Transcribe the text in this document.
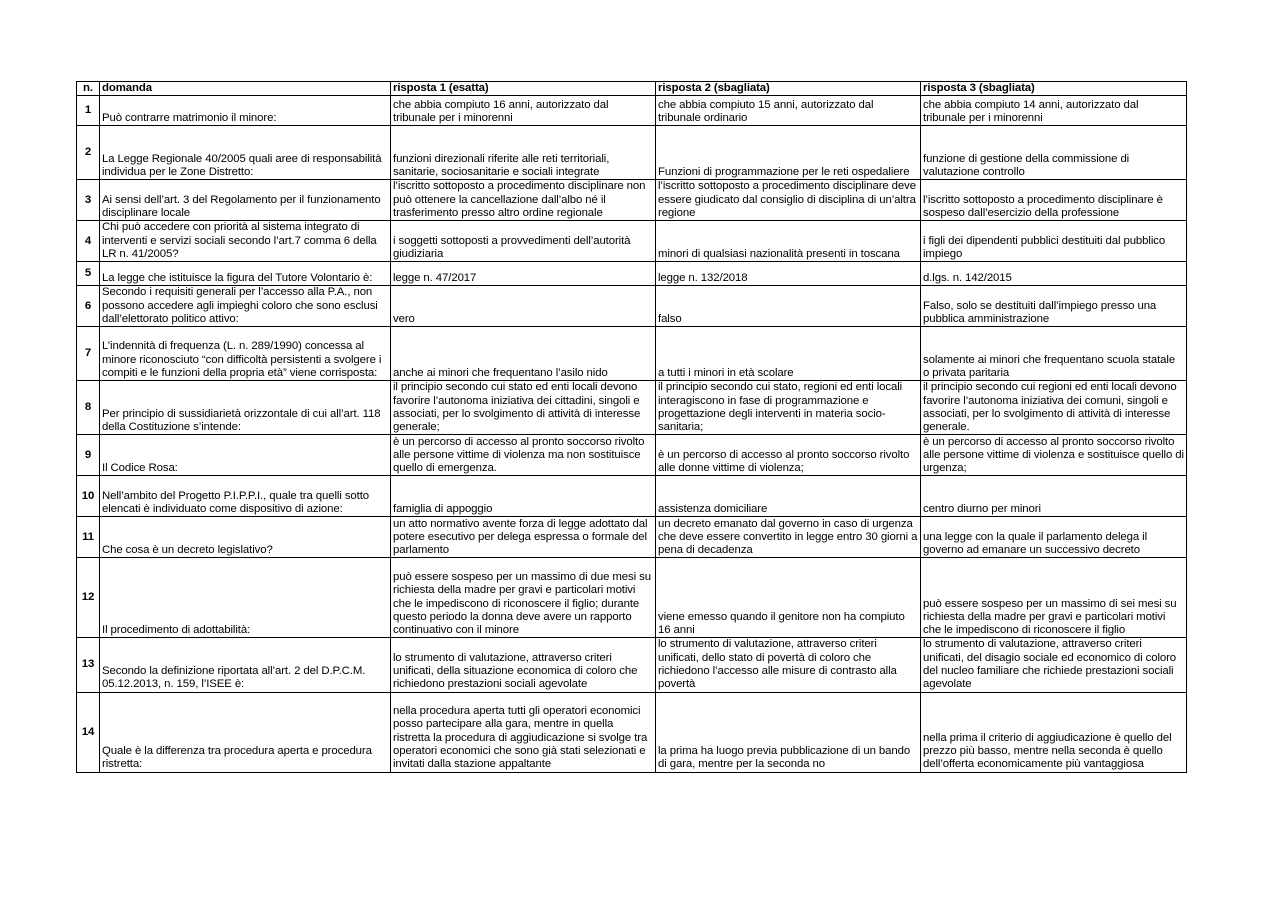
n.	domanda	risposta 1 (esatta)	risposta 2 (sbagliata)	risposta 3 (sbagliata)
1	Può contrarre matrimonio il minore:	che abbia compiuto 16 anni, autorizzato dal tribunale per i minorenni	che abbia compiuto 15 anni, autorizzato dal tribunale ordinario	che abbia compiuto 14 anni, autorizzato dal tribunale per i minorenni
2	La Legge Regionale 40/2005 quali aree di responsabilità individua per le Zone Distretto:	funzioni direzionali riferite alle reti territoriali, sanitarie, sociosanitarie e sociali integrate	Funzioni di programmazione per le reti ospedaliere	funzione di gestione della commissione di valutazione controllo
3	Ai sensi dell’art. 3 del Regolamento per il funzionamento disciplinare locale	l’iscritto sottoposto a procedimento disciplinare non può ottenere la cancellazione dall’albo né il trasferimento presso altro ordine regionale	l’iscritto sottoposto a procedimento disciplinare deve essere giudicato dal consiglio di disciplina di un’altra regione	l’iscritto sottoposto a procedimento disciplinare è sospeso dall’esercizio della professione
4	Chi può accedere con priorità al sistema integrato di interventi e servizi sociali secondo l’art.7 comma 6 della LR n. 41/2005?	i soggetti sottoposti a provvedimenti dell’autorità giudiziaria	minori di qualsiasi nazionalità presenti in toscana	i figli dei dipendenti pubblici destituiti dal pubblico impiego
5	La legge che istituisce la figura del Tutore Volontario è:	legge n. 47/2017	legge n. 132/2018	d.lgs. n. 142/2015
6	Secondo i requisiti generali per l’accesso alla P.A., non possono accedere agli impieghi coloro che sono esclusi dall’elettorato politico attivo:	vero	falso	Falso, solo se destituiti dall’impiego presso una pubblica amministrazione
7	L’indennità di frequenza (L. n. 289/1990) concessa al minore riconosciuto “con difficoltà persistenti a svolgere i compiti e le funzioni della propria età” viene corrisposta:	anche ai minori che frequentano l’asilo nido	a tutti i minori in età scolare	solamente ai minori che frequentano scuola statale o privata paritaria
8	Per principio di sussidiarietà orizzontale di cui all’art. 118 della Costituzione s’intende:	il principio secondo cui stato ed enti locali devono favorire l’autonoma iniziativa dei cittadini, singoli e associati, per lo svolgimento di attività di interesse generale;	il principio secondo cui stato, regioni ed enti locali interagiscono in fase di programmazione e progettazione degli interventi in materia socio-sanitaria;	il principio secondo cui regioni ed enti locali devono favorire l’autonoma iniziativa dei comuni, singoli e associati, per lo svolgimento di attività di interesse generale.
9	Il Codice Rosa:	è un percorso di accesso al pronto soccorso rivolto alle persone vittime di violenza ma non sostituisce quello di emergenza.	è un percorso di accesso al pronto soccorso rivolto alle donne vittime di violenza;	è un percorso di accesso al pronto soccorso rivolto alle persone vittime di violenza e sostituisce quello di urgenza;
10	Nell’ambito del Progetto P.I.P.P.I., quale tra quelli sotto elencati è individuato come dispositivo di azione:	famiglia di appoggio	assistenza domiciliare	centro diurno per minori
11	Che cosa è un decreto legislativo?	un atto normativo avente forza di legge adottato dal potere esecutivo per delega espressa o formale del parlamento	un decreto emanato dal governo in caso di urgenza che deve essere convertito in legge entro 30 giorni a pena di decadenza	una legge con la quale il parlamento delega il governo ad emanare un successivo decreto
12	Il procedimento di adottabilità:	può essere sospeso per un massimo di due mesi su richiesta della madre per gravi e particolari motivi che le impediscono di riconoscere il figlio; durante questo periodo la donna deve avere un rapporto continuativo con il minore	viene emesso quando il genitore non ha compiuto 16 anni	può essere sospeso per un massimo di sei mesi su richiesta della madre per gravi e particolari motivi che le impediscono di riconoscere il figlio
13	Secondo la definizione riportata all’art. 2 del D.P.C.M. 05.12.2013, n. 159, l’ISEE è:	lo strumento di valutazione, attraverso criteri unificati, della situazione economica di coloro che richiedono prestazioni sociali agevolate	lo strumento di valutazione, attraverso criteri unificati, dello stato di povertà di coloro che richiedono l’accesso alle misure di contrasto alla povertà	lo strumento di valutazione, attraverso criteri unificati, del disagio sociale ed economico di coloro del nucleo familiare che richiede prestazioni sociali agevolate
14	Quale è la differenza tra procedura aperta e procedura ristretta:	nella procedura aperta tutti gli operatori economici posso partecipare alla gara, mentre in quella ristretta la procedura di aggiudicazione si svolge tra operatori economici che sono già stati selezionati e invitati dalla stazione appaltante	la prima ha luogo previa pubblicazione di un bando di gara, mentre per la seconda no	nella prima il criterio di aggiudicazione è quello del prezzo più basso, mentre nella seconda è quello dell’offerta economicamente più vantaggiosa
